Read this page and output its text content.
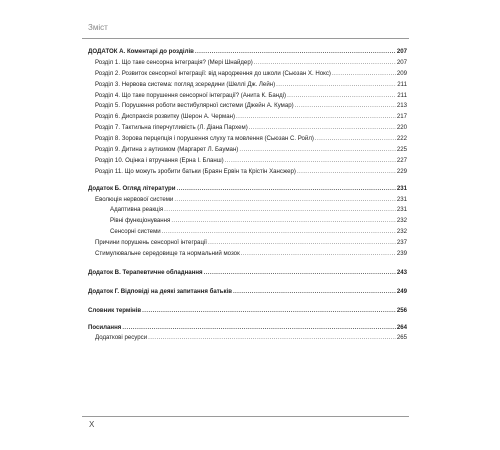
Зміст
ДОДАТОК А. Коментарі до розділів .....	207
Розділ 1. Що таке сенсорна інтеграція? (Мері Шнайдер) .....	207
Розділ 2. Розвиток сенсорної інтеграції: від народження до школи (Сьюзан Х. Нокс) .....	209
Розділ 3. Нервова система: погляд зсередини (Шеллі Дж. Лейн) .....	211
Розділ 4. Що таке порушення сенсорної інтеграції? (Анита К. Банді) .....	211
Розділ 5. Порушення роботи вестибулярної системи (Джейн А. Кумар) .....	213
Розділ 6. Диспраксія розвитку (Шерон А. Черман) .....	217
Розділ 7. Тактильна гіперчутливість (Л. Діана Пархем) .....	220
Розділ 8. Зорова перцепція і порушення слуху та мовлення (Сьюзан С. Ройл) .....	222
Розділ 9. Дитина з аутизмом (Маргарет Л. Бауман) .....	225
Розділ 10. Оцінка і втручання (Ерна І. Бланш) .....	227
Розділ 11. Що можуть зробити батьки (Браян Ервін та Крістін Хансжер) .....	229
Додаток Б. Огляд літератури .....	231
Еволюція нервової системи .....	231
Адаптивна реакція .....	231
Рівні функціонування .....	232
Сенсорні системи .....	232
Причини порушень сенсорної інтеграції .....	237
Стимулювальне середовище та нормальний мозок .....	239
Додаток В. Терапевтичне обладнання .....	243
Додаток Г. Відповіді на деякі запитання батьків .....	249
Словник термінів .....	256
Посилання .....	264
Додаткові ресурси .....	265
X
